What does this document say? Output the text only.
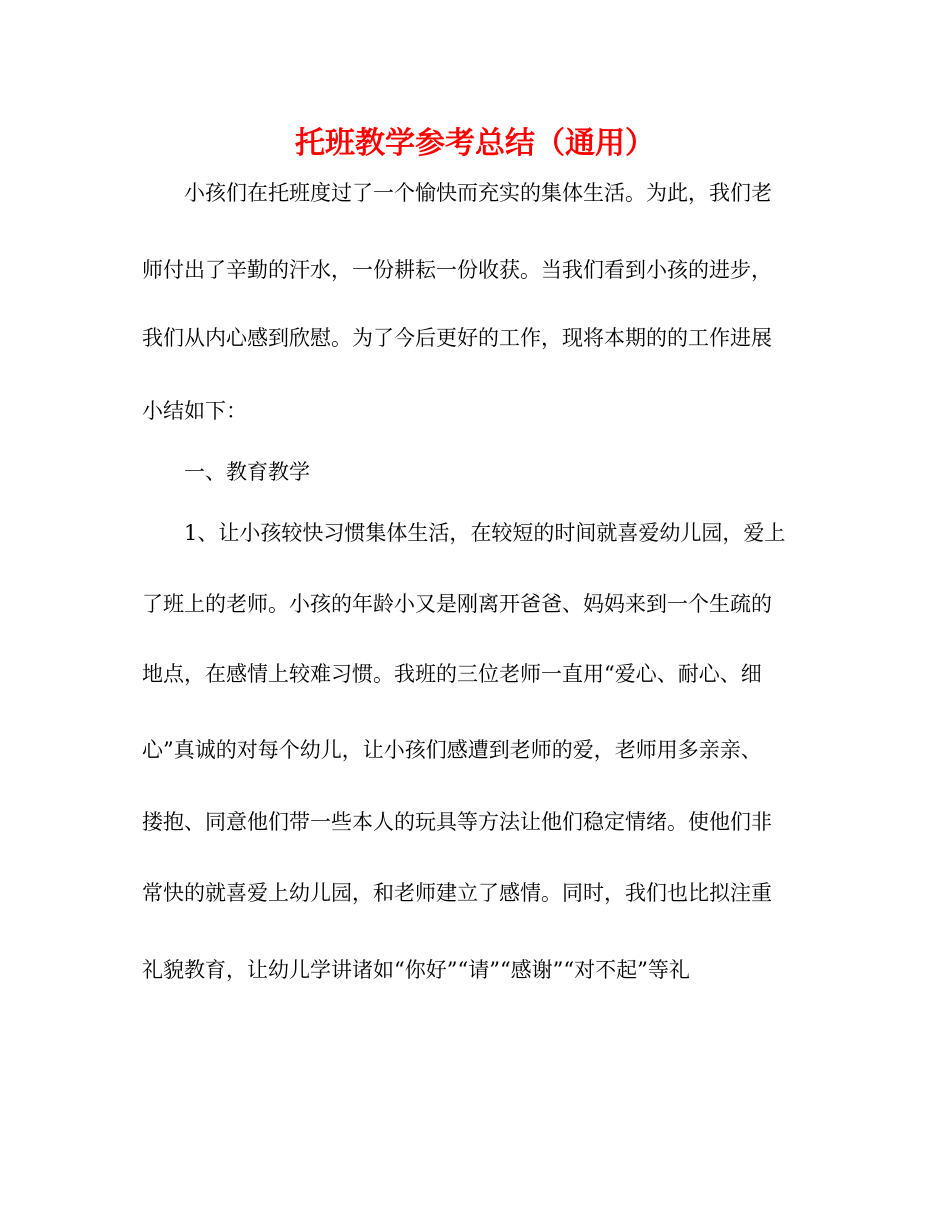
托班教学参考总结（通用）

小孩们在托班度过了一个愉快而充实的集体生活。为此，我们老

师付出了辛勤的汗水，一份耕耘一份收获。当我们看到小孩的进步，

我们从内心感到欣慰。为了今后更好的工作，现将本期的的工作进展

小结如下：

一、教育教学

1、让小孩较快习惯集体生活，在较短的时间就喜爱幼儿园，爱上

了班上的老师。小孩的年龄小又是刚离开爸爸、妈妈来到一个生疏的

地点，在感情上较难习惯。我班的三位老师一直用“爱心、耐心、细

心”真诚的对每个幼儿，让小孩们感遭到老师的爱，老师用多亲亲、

搂抱、同意他们带一些本人的玩具等方法让他们稳定情绪。使他们非

常快的就喜爱上幼儿园，和老师建立了感情。同时，我们也比拟注重

礼貌教育，让幼儿学讲诸如“你好”“请”“感谢”“对不起”等礼
